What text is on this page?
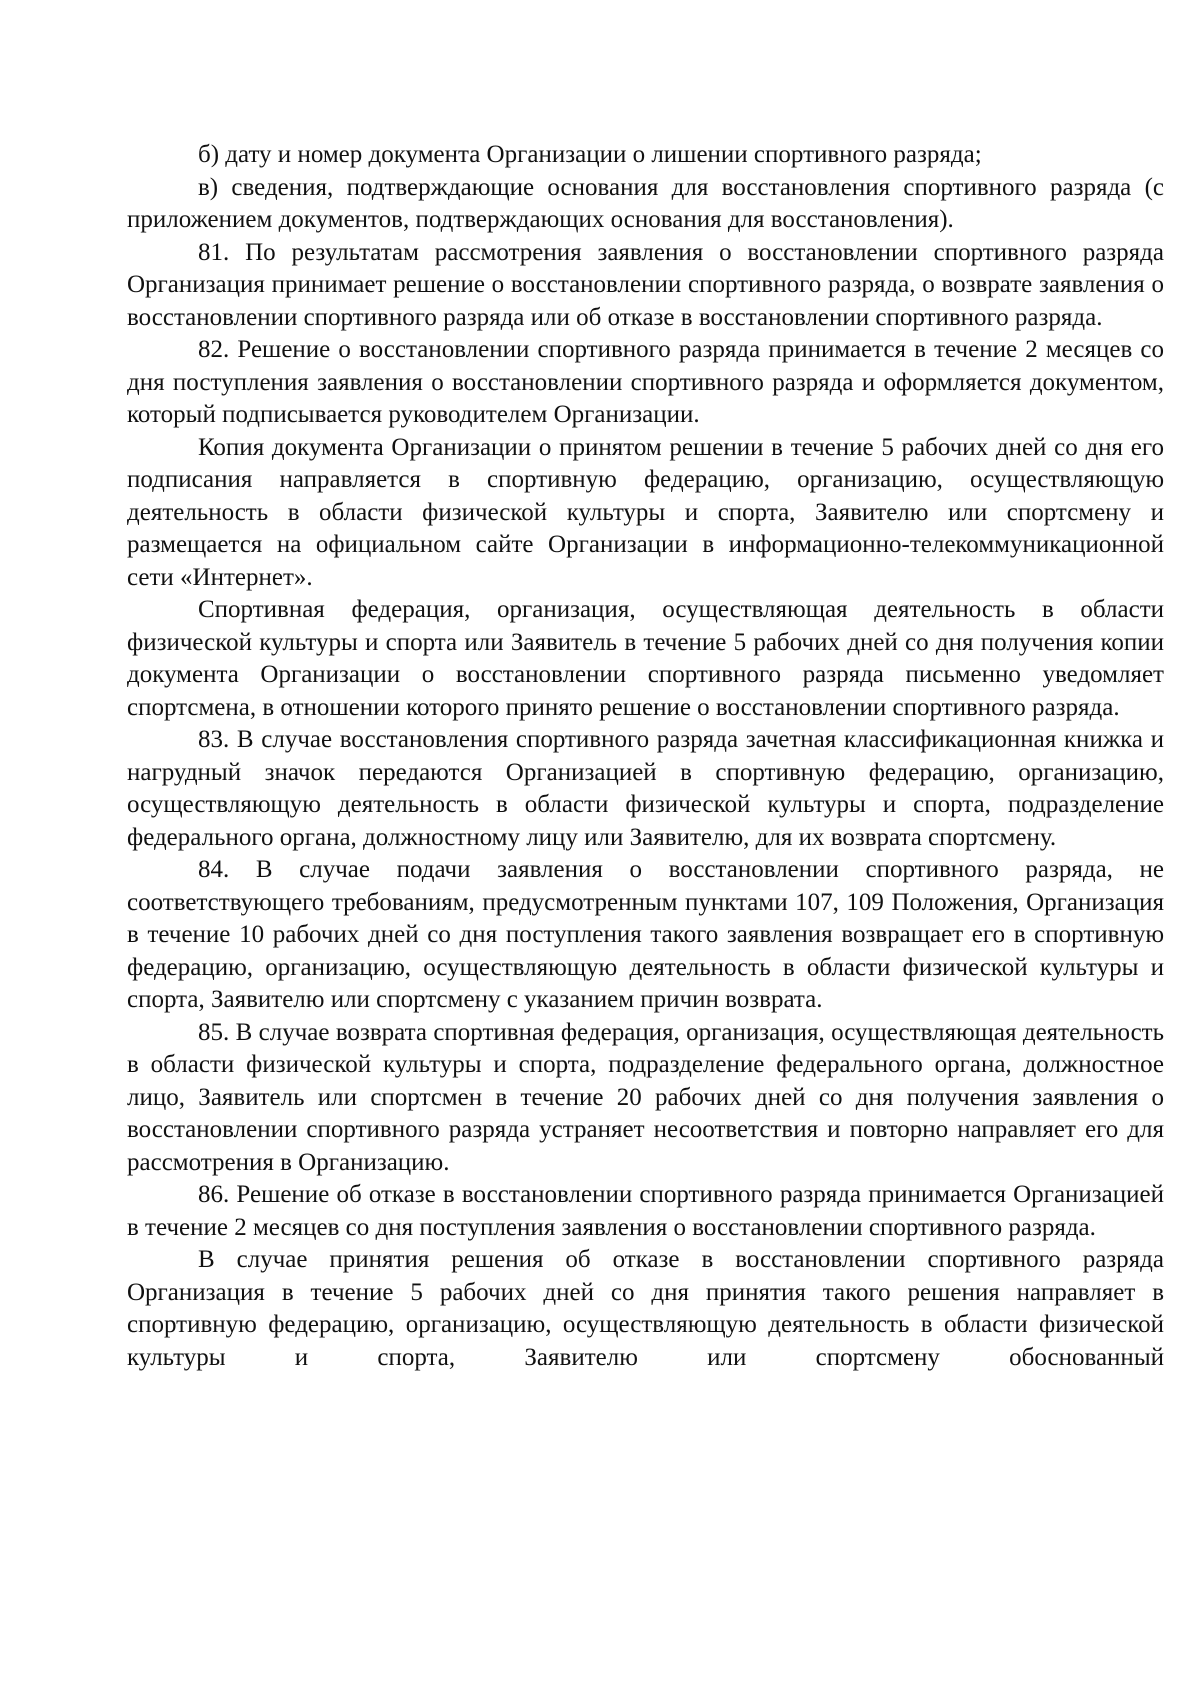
б) дату и номер документа Организации о лишении спортивного разряда;

в) сведения, подтверждающие основания для восстановления спортивного разряда (с приложением документов, подтверждающих основания для восстановления).

81. По результатам рассмотрения заявления о восстановлении спортивного разряда Организация принимает решение о восстановлении спортивного разряда, о возврате заявления о восстановлении спортивного разряда или об отказе в восстановлении спортивного разряда.

82. Решение о восстановлении спортивного разряда принимается в течение 2 месяцев со дня поступления заявления о восстановлении спортивного разряда и оформляется документом, который подписывается руководителем Организации.

Копия документа Организации о принятом решении в течение 5 рабочих дней со дня его подписания направляется в спортивную федерацию, организацию, осуществляющую деятельность в области физической культуры и спорта, Заявителю или спортсмену и размещается на официальном сайте Организации в информационно-телекоммуникационной сети «Интернет».

Спортивная федерация, организация, осуществляющая деятельность в области физической культуры и спорта или Заявитель в течение 5 рабочих дней со дня получения копии документа Организации о восстановлении спортивного разряда письменно уведомляет спортсмена, в отношении которого принято решение о восстановлении спортивного разряда.

83. В случае восстановления спортивного разряда зачетная классификационная книжка и нагрудный значок передаются Организацией в спортивную федерацию, организацию, осуществляющую деятельность в области физической культуры и спорта, подразделение федерального органа, должностному лицу или Заявителю, для их возврата спортсмену.

84. В случае подачи заявления о восстановлении спортивного разряда, не соответствующего требованиям, предусмотренным пунктами 107, 109 Положения, Организация в течение 10 рабочих дней со дня поступления такого заявления возвращает его в спортивную федерацию, организацию, осуществляющую деятельность в области физической культуры и спорта, Заявителю или спортсмену с указанием причин возврата.

85. В случае возврата спортивная федерация, организация, осуществляющая деятельность в области физической культуры и спорта, подразделение федерального органа, должностное лицо, Заявитель или спортсмен в течение 20 рабочих дней со дня получения заявления о восстановлении спортивного разряда устраняет несоответствия и повторно направляет его для рассмотрения в Организацию.

86. Решение об отказе в восстановлении спортивного разряда принимается Организацией в течение 2 месяцев со дня поступления заявления о восстановлении спортивного разряда.

В случае принятия решения об отказе в восстановлении спортивного разряда Организация в течение 5 рабочих дней со дня принятия такого решения направляет в спортивную федерацию, организацию, осуществляющую деятельность в области физической культуры и спорта, Заявителю или спортсмену обоснованный
